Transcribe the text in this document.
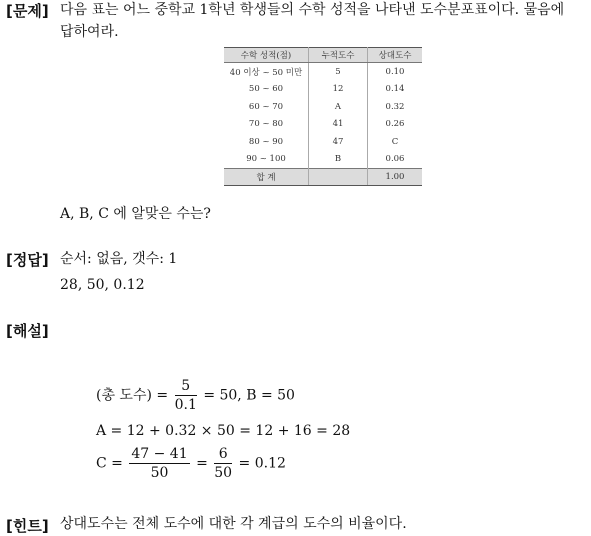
[문제] 다음 표는 어느 중학교 1학년 학생들의 수학 성적을 나타낸 도수분포표이다. 물음에
답하여라.
수학 성적(점)	누적도수	상대도수
40 이상 ~ 50 미만	5	0.10
50 ~ 60	12	0.14
60 ~ 70	A	0.32
70 ~ 80	41	0.26
80 ~ 90	47	C
90 ~ 100	B	0.06
합 계		1.00
A, B, C 에 알맞은 수는?
[정답] 순서: 없음, 갯수: 1
28, 50, 0.12
[해설]
(총 도수) = $\frac{5}{0.1} = 50$, B = 50
A = 12 + 0.32 × 50 = 12 + 16 = 28
$C = \frac{47 - 41}{50} = \frac{6}{50} = 0.12$
[힌트] 상대도수는 전체 도수에 대한 각 계급의 도수의 비율이다.
